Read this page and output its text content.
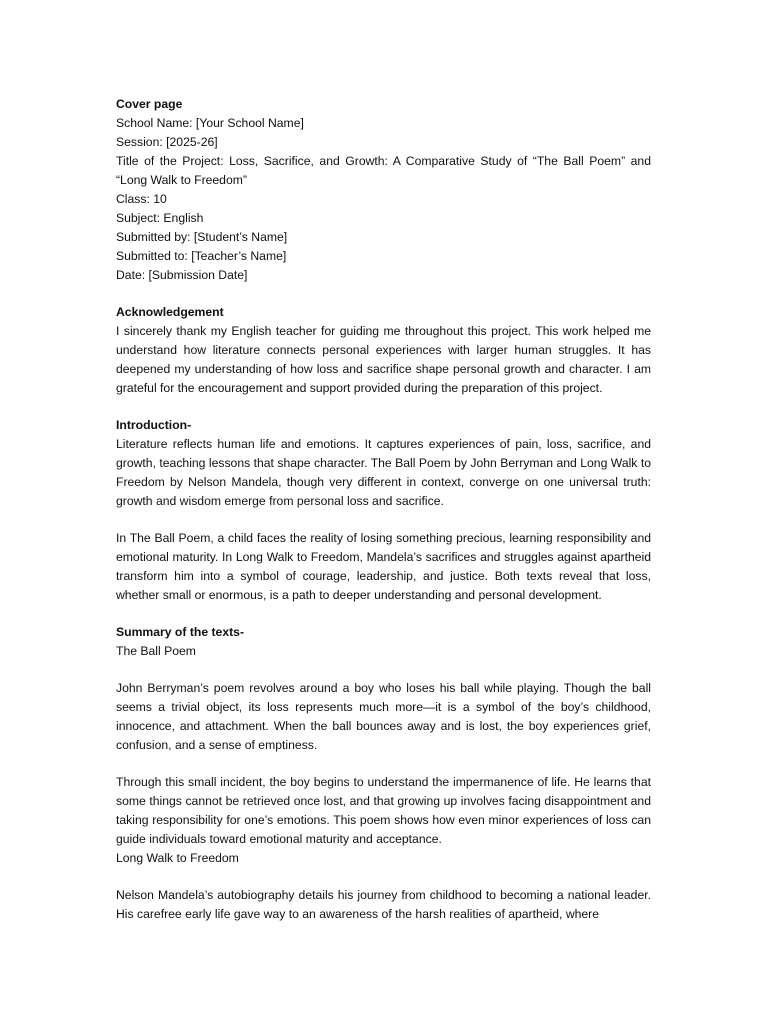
Cover page

School Name: [Your School Name]

Session: [2025-26]

Title of the Project: Loss, Sacrifice, and Growth: A Comparative Study of “The Ball Poem” and “Long Walk to Freedom”

Class: 10

Subject: English

Submitted by: [Student’s Name]

Submitted to: [Teacher’s Name]

Date: [Submission Date]

Acknowledgement

I sincerely thank my English teacher for guiding me throughout this project. This work helped me understand how literature connects personal experiences with larger human struggles. It has deepened my understanding of how loss and sacrifice shape personal growth and character. I am grateful for the encouragement and support provided during the preparation of this project.

Introduction-

Literature reflects human life and emotions. It captures experiences of pain, loss, sacrifice, and growth, teaching lessons that shape character. The Ball Poem by John Berryman and Long Walk to Freedom by Nelson Mandela, though very different in context, converge on one universal truth: growth and wisdom emerge from personal loss and sacrifice.

In The Ball Poem, a child faces the reality of losing something precious, learning responsibility and emotional maturity. In Long Walk to Freedom, Mandela’s sacrifices and struggles against apartheid transform him into a symbol of courage, leadership, and justice. Both texts reveal that loss, whether small or enormous, is a path to deeper understanding and personal development.

Summary of the texts-

The Ball Poem

John Berryman’s poem revolves around a boy who loses his ball while playing. Though the ball seems a trivial object, its loss represents much more—it is a symbol of the boy’s childhood, innocence, and attachment. When the ball bounces away and is lost, the boy experiences grief, confusion, and a sense of emptiness.

Through this small incident, the boy begins to understand the impermanence of life. He learns that some things cannot be retrieved once lost, and that growing up involves facing disappointment and taking responsibility for one’s emotions. This poem shows how even minor experiences of loss can guide individuals toward emotional maturity and acceptance.

Long Walk to Freedom

Nelson Mandela’s autobiography details his journey from childhood to becoming a national leader. His carefree early life gave way to an awareness of the harsh realities of apartheid, where
